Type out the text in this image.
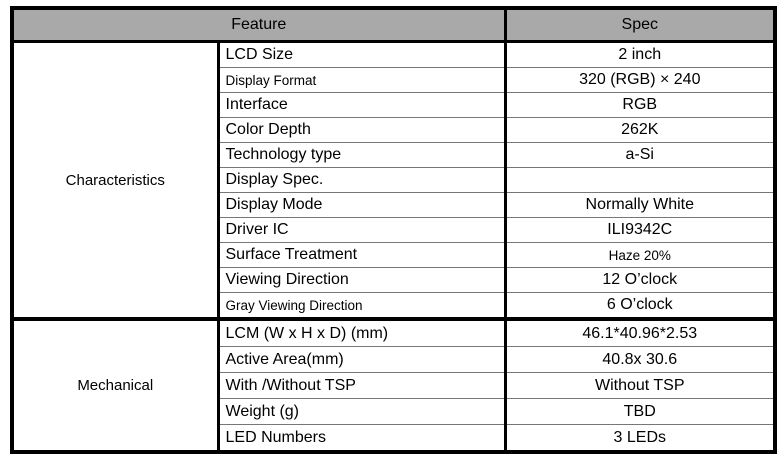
Feature		Spec
Characteristics	LCD Size	2 inch
	Display Format	320 (RGB) × 240
	Interface	RGB
	Color Depth	262K
	Technology type	a-Si
	Display Spec.	
	Display Mode	Normally White
	Driver IC	ILI9342C
	Surface Treatment	Haze 20%
	Viewing Direction	12 O’clock
	Gray Viewing Direction	6 O’clock
Mechanical	LCM (W x H x D) (mm)	46.1*40.96*2.53
	Active Area(mm)	40.8x 30.6
	With /Without TSP	Without TSP
	Weight (g)	TBD
	LED Numbers	3 LEDs
